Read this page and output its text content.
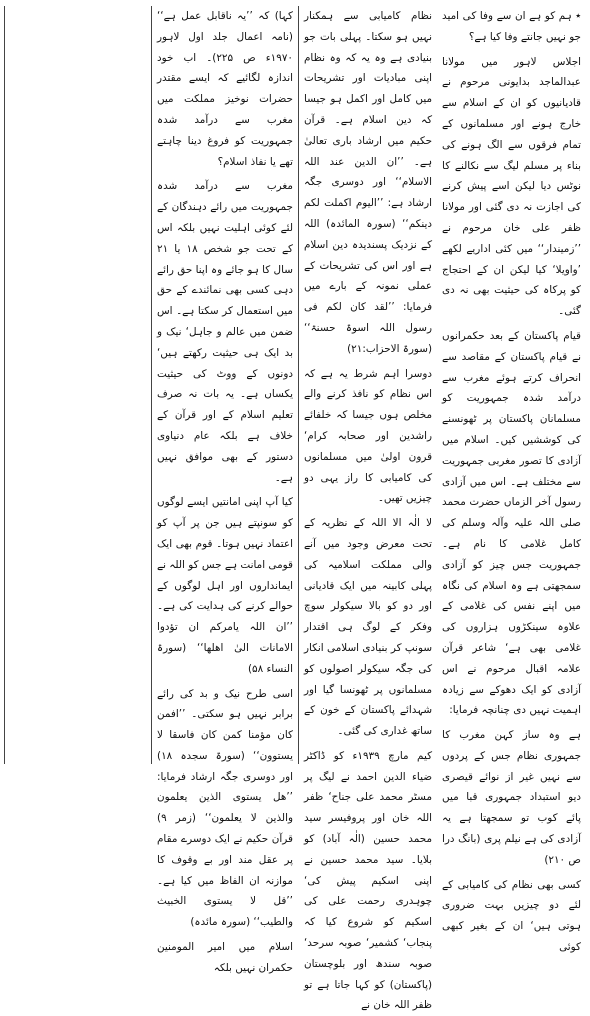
٭ ہم کو ہے ان سے وفا کی امید جو نہیں جانتے وفا کیا ہے؟

اجلاس لاہور میں مولانا عبدالماجد بدایونی مرحوم نے قادیانیوں کو ان کے اسلام سے خارج ہونے اور مسلمانوں کے تمام فرقوں سے الگ ہونے کی بناء پر مسلم لیگ سے نکالنے کا نوٹس دیا لیکن اسے پیش کرنے کی اجازت نہ دی گئی اور مولانا ظفر علی خان مرحوم نے ’’زمیندار‘‘ میں کئی اداریے لکھے ’واویلا‘ کیا لیکن ان کے احتجاج کو پرکاہ کی حیثیت بھی نہ دی گئی۔

قیام پاکستان کے بعد حکمرانوں نے قیام پاکستان کے مقاصد سے انحراف کرتے ہوئے مغرب سے درآمد شدہ جمہوریت کو مسلمانان پاکستان پر ٹھونسنے کی کوششیں کیں۔ اسلام میں آزادی کا تصور مغربی جمہوریت سے مختلف ہے۔ اس میں آزادی رسول آخر الزماں حضرت محمد صلی اللہ علیہ وآلہ وسلم کی کامل غلامی کا نام ہے۔ جمہوریت جس چیز کو آزادی سمجھتی ہے وہ اسلام کی نگاہ میں اپنے نفس کی غلامی کے علاوہ سینکڑوں ہزاروں کی غلامی بھی ہے‘ شاعر قرآن علامہ اقبال مرحوم نے اس آزادی کو ایک دھوکے سے زیادہ اہمیت نہیں دی چنانچہ فرمایا:

ہے وہ ساز کہن مغرب کا جمہوری نظام جس کے پردوں سے نہیں غیر از نوائے قیصری دیو استبداد جمہوری قبا میں پائے کوب تو سمجھتا ہے یہ آزادی کی ہے نیلم پری (بانگ درا ص ۲۱۰)

کسی بھی نظام کی کامیابی کے لئے دو چیزیں بہت ضروری ہوتی ہیں‘ ان کے بغیر کبھی کوئی

نظام کامیابی سے ہمکنار نہیں ہو سکتا۔ پہلی بات جو بنیادی ہے وہ یہ کہ وہ نظام اپنی مبادیات اور تشریحات میں کامل اور اکمل ہو جیسا کہ دین اسلام ہے۔ قرآن حکیم میں ارشاد باری تعالیٰ ہے۔ ’’ان الدین عند اللہ الاسلام‘‘ اور دوسری جگہ ارشاد ہے: ’’الیوم اکملت لکم دینکم‘‘ (سورہ المائدہ) اللہ کے نزدیک پسندیدہ دین اسلام ہے اور اس کی تشریحات کے عملی نمونہ کے بارے میں فرمایا: ’’لقد کان لکم فی رسول اللہ اسوۃ حسنۃ‘‘ (سورۃ الاحزاب:۲۱)

دوسرا اہم شرط یہ ہے کہ اس نظام کو نافذ کرنے والے مخلص ہوں جیسا کہ خلفائے راشدین اور صحابہ کرام‘ قرون اولیٰ میں مسلمانوں کی کامیابی کا راز یہی دو چیزیں تھیں۔

لا الٰہ الا اللہ کے نظریہ کے تحت معرض وجود میں آنے والی مملکت اسلامیہ کی پہلی کابینہ میں ایک قادیانی اور دو کو بالا سیکولر سوچ وفکر کے لوگ ہی اقتدار سونپ کر بنیادی اسلامی انکار کی جگہ سیکولر اصولوں کو مسلمانوں پر ٹھونسا گیا اور شہدائے پاکستان کے خون کے ساتھ غداری کی گئی۔

کیم مارچ ۱۹۳۹ء کو ڈاکٹر ضیاء الدین احمد نے لیگ پر مسٹر محمد علی جناح‘ ظفر اللہ خان اور پروفیسر سید محمد حسین (الٰہ آباد) کو بلایا۔ سید محمد حسین نے اپنی اسکیم پیش کی‘ چوہدری رحمت علی کی اسکیم کو شروع کیا کہ پنجاب‘ کشمیر‘ صوبہ سرحد‘ صوبہ سندھ اور بلوچستان (پاکستان) کو کہا جاتا ہے تو ظفر اللہ خان نے

کہا) کہ ’’یہ ناقابل عمل ہے‘‘ (نامہ اعمال جلد اول لاہور ۱۹۷۰ء ص ۲۲۵)۔ اب خود اندازہ لگائیے کہ ایسے مقتدر حضرات نوخیز مملکت میں مغرب سے درآمد شدہ جمہوریت کو فروغ دینا چاہتے تھے یا نفاذ اسلام؟

مغرب سے درآمد شدہ جمہوریت میں رائے دہندگان کے لئے کوئی اہلیت نہیں بلکہ اس کے تحت جو شخص ۱۸ یا ۲۱ سال کا ہو جائے وہ اپنا حق رائے دہی کسی بھی نمائندے کے حق میں استعمال کر سکتا ہے۔ اس ضمن میں عالم و جاہل‘ نیک و بد ایک ہی حیثیت رکھتے ہیں‘ دونوں کے ووٹ کی حیثیت یکساں ہے۔ یہ بات نہ صرف تعلیم اسلام کے اور قرآن کے خلاف ہے بلکہ عام دنیاوی دستور کے بھی موافق نہیں ہے۔

کیا آپ اپنی امانتیں ایسے لوگوں کو سونپتے ہیں جن پر آپ کو اعتماد نہیں ہوتا۔ قوم بھی ایک قومی امانت ہے جس کو اللہ نے ایمانداروں اور اہل لوگوں کے حوالے کرنے کی ہدایت کی ہے۔ ’’ان اللہ یامرکم ان تؤدوا الامانات الیٰ اھلھا‘‘ (سورۃ النساء ۵۸)

اسی طرح نیک و بد کی رائے برابر نہیں ہو سکتی۔ ’’افمن کان مؤمنا کمن کان فاسقا لا یستوون‘‘ (سورۃ سجدہ ۱۸) اور دوسری جگہ ارشاد فرمایا: ’’ھل یستوی الذین یعلمون والذین لا یعلمون‘‘ (زمر ۹) قرآن حکیم نے ایک دوسرے مقام پر عقل مند اور بے وقوف کا موازنہ ان الفاظ میں کیا ہے۔ ’’قل لا یستوی الخبیث والطیب‘‘ (سورہ مائدہ)

اسلام میں امیر المومنین حکمران نہیں بلکہ
